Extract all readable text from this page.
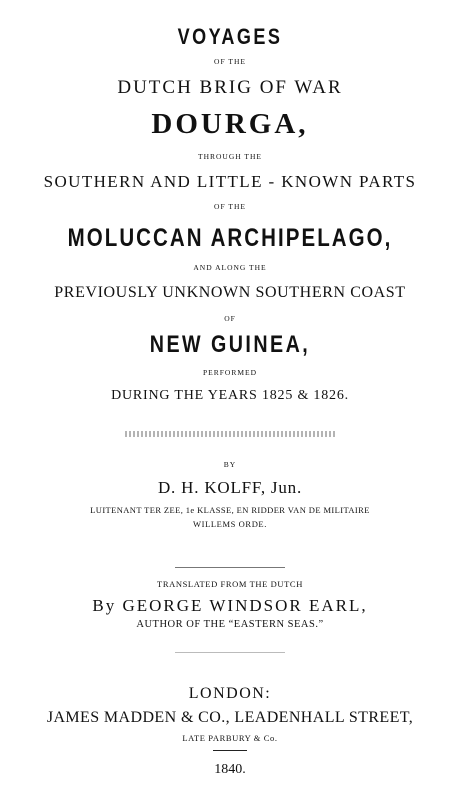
VOYAGES
OF THE
DUTCH BRIG OF WAR
DOURGA,
THROUGH THE
SOUTHERN AND LITTLE - KNOWN PARTS
OF THE
MOLUCCAN ARCHIPELAGO,
AND ALONG THE
PREVIOUSLY UNKNOWN SOUTHERN COAST
OF
NEW GUINEA,
PERFORMED
DURING THE YEARS 1825 & 1826.
BY
D. H. KOLFF, Jun.
LUITENANT TER ZEE, 1e KLASSE, EN RIDDER VAN DE MILITAIRE
WILLEMS ORDE.
TRANSLATED FROM THE DUTCH
By GEORGE WINDSOR EARL,
AUTHOR OF THE “EASTERN SEAS.”
LONDON:
JAMES MADDEN & CO., LEADENHALL STREET,
LATE PARBURY & Co.
1840.
